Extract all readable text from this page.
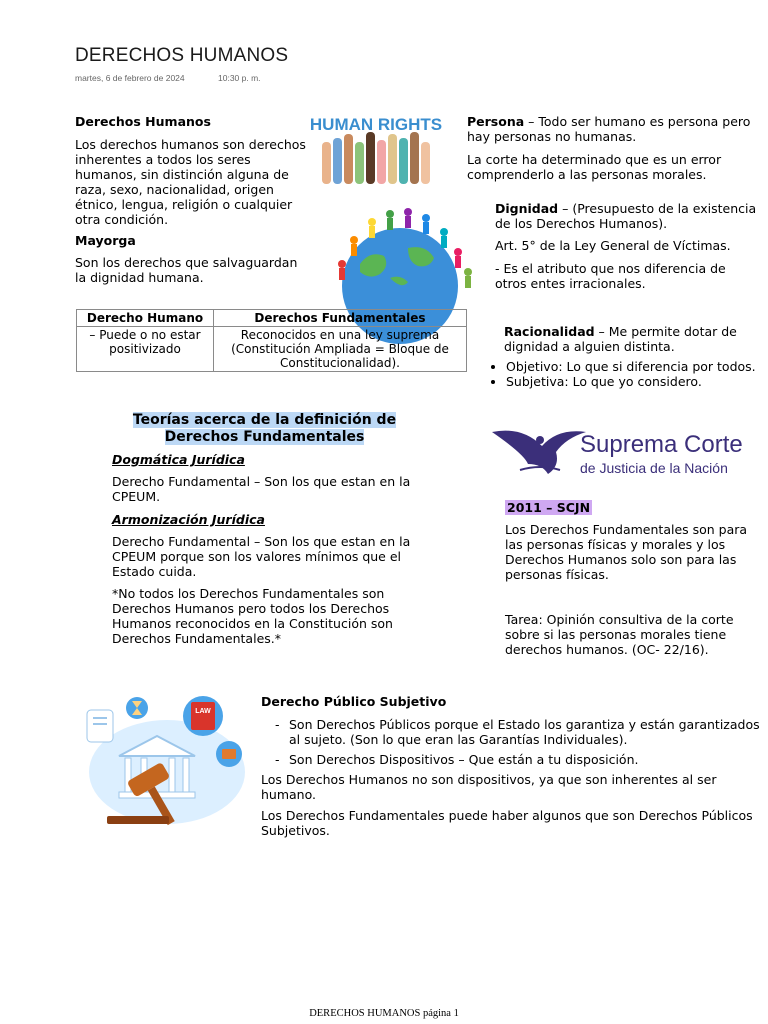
DERECHOS HUMANOS
martes, 6 de febrero de 2024	10:30 p. m.

Derechos Humanos

Los derechos humanos son derechos inherentes a todos los seres humanos, sin distinción alguna de raza, sexo, nacionalidad, origen étnico, lengua, religión o cualquier otra condición.

Mayorga

Son los derechos que salvaguardan la dignidad humana.

HUMAN RIGHTS Persona – Todo ser humano es persona pero hay personas no humanas.

La corte ha determinado que es un error comprenderlo a las personas morales.

Dignidad – (Presupuesto de la existencia de los Derechos Humanos).

Art. 5° de la Ley General de Víctimas.

- Es el atributo que nos diferencia de otros entes irracionales.

Racionalidad – Me permite dotar de dignidad a alguien distinta.

• Objetivo: Lo que si diferencia por todos.
• Subjetiva: Lo que yo considero.
Derecho Humano	Derechos Fundamentales
– Puede o no estar positivizado	Reconocidos en una ley suprema (Constitución Ampliada = Bloque de Constitucionalidad).
Teorías acerca de la definición de
Derechos Fundamentales

Dogmática Jurídica

Derecho Fundamental – Son los que estan en la CPEUM.

Armonización Jurídica

Derecho Fundamental – Son los que estan en la CPEUM porque son los valores mínimos que el Estado cuida.

*No todos los Derechos Fundamentales son Derechos Humanos pero todos los Derechos Humanos reconocidos en la Constitución son Derechos Fundamentales.*

Suprema Corte
de Justicia de la Nación

2011 – SCJN

Los Derechos Fundamentales son para las personas físicas y morales y los Derechos Humanos solo son para las personas físicas.

Tarea: Opinión consultiva de la corte sobre si las personas morales tiene derechos humanos. (OC- 22/16).

LAW

Derecho Público Subjetivo

- Son Derechos Públicos porque el Estado los garantiza y están garantizados al sujeto. (Son lo que eran las Garantías Individuales).
- Son Derechos Dispositivos – Que están a tu disposición.

Los Derechos Humanos no son dispositivos, ya que son inherentes al ser humano.

Los Derechos Fundamentales puede haber algunos que son Derechos Públicos Subjetivos.

DERECHOS HUMANOS página 1
